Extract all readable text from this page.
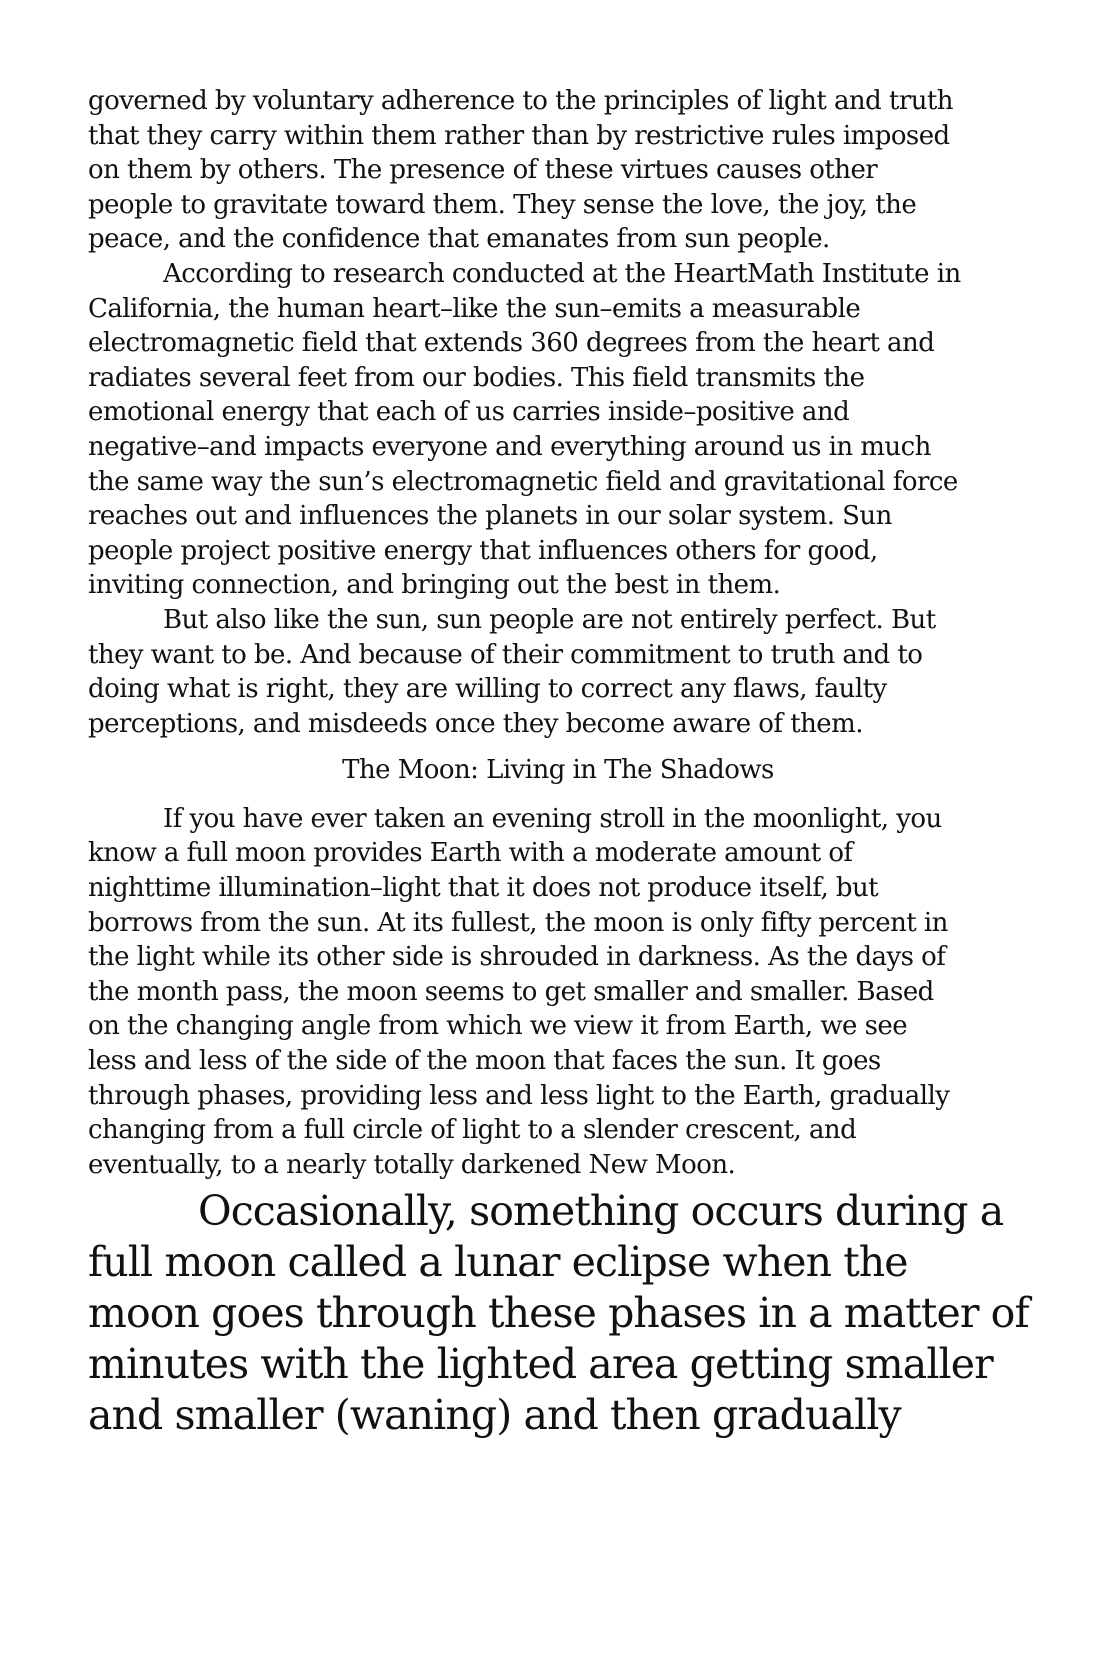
governed by voluntary adherence to the principles of light and truth
that they carry within them rather than by restrictive rules imposed
on them by others. The presence of these virtues causes other
people to gravitate toward them. They sense the love, the joy, the
peace, and the confidence that emanates from sun people.

According to research conducted at the HeartMath Institute in
California, the human heart–like the sun–emits a measurable
electromagnetic field that extends 360 degrees from the heart and
radiates several feet from our bodies. This field transmits the
emotional energy that each of us carries inside–positive and
negative–and impacts everyone and everything around us in much
the same way the sun’s electromagnetic field and gravitational force
reaches out and influences the planets in our solar system. Sun
people project positive energy that influences others for good,
inviting connection, and bringing out the best in them.

But also like the sun, sun people are not entirely perfect. But
they want to be. And because of their commitment to truth and to
doing what is right, they are willing to correct any flaws, faulty
perceptions, and misdeeds once they become aware of them.

The Moon: Living in The Shadows

If you have ever taken an evening stroll in the moonlight, you
know a full moon provides Earth with a moderate amount of
nighttime illumination–light that it does not produce itself, but
borrows from the sun. At its fullest, the moon is only fifty percent in
the light while its other side is shrouded in darkness. As the days of
the month pass, the moon seems to get smaller and smaller. Based
on the changing angle from which we view it from Earth, we see
less and less of the side of the moon that faces the sun. It goes
through phases, providing less and less light to the Earth, gradually
changing from a full circle of light to a slender crescent, and
eventually, to a nearly totally darkened New Moon.

Occasionally, something occurs during a
full moon called a lunar eclipse when the
moon goes through these phases in a matter of
minutes with the lighted area getting smaller
and smaller (waning) and then gradually
